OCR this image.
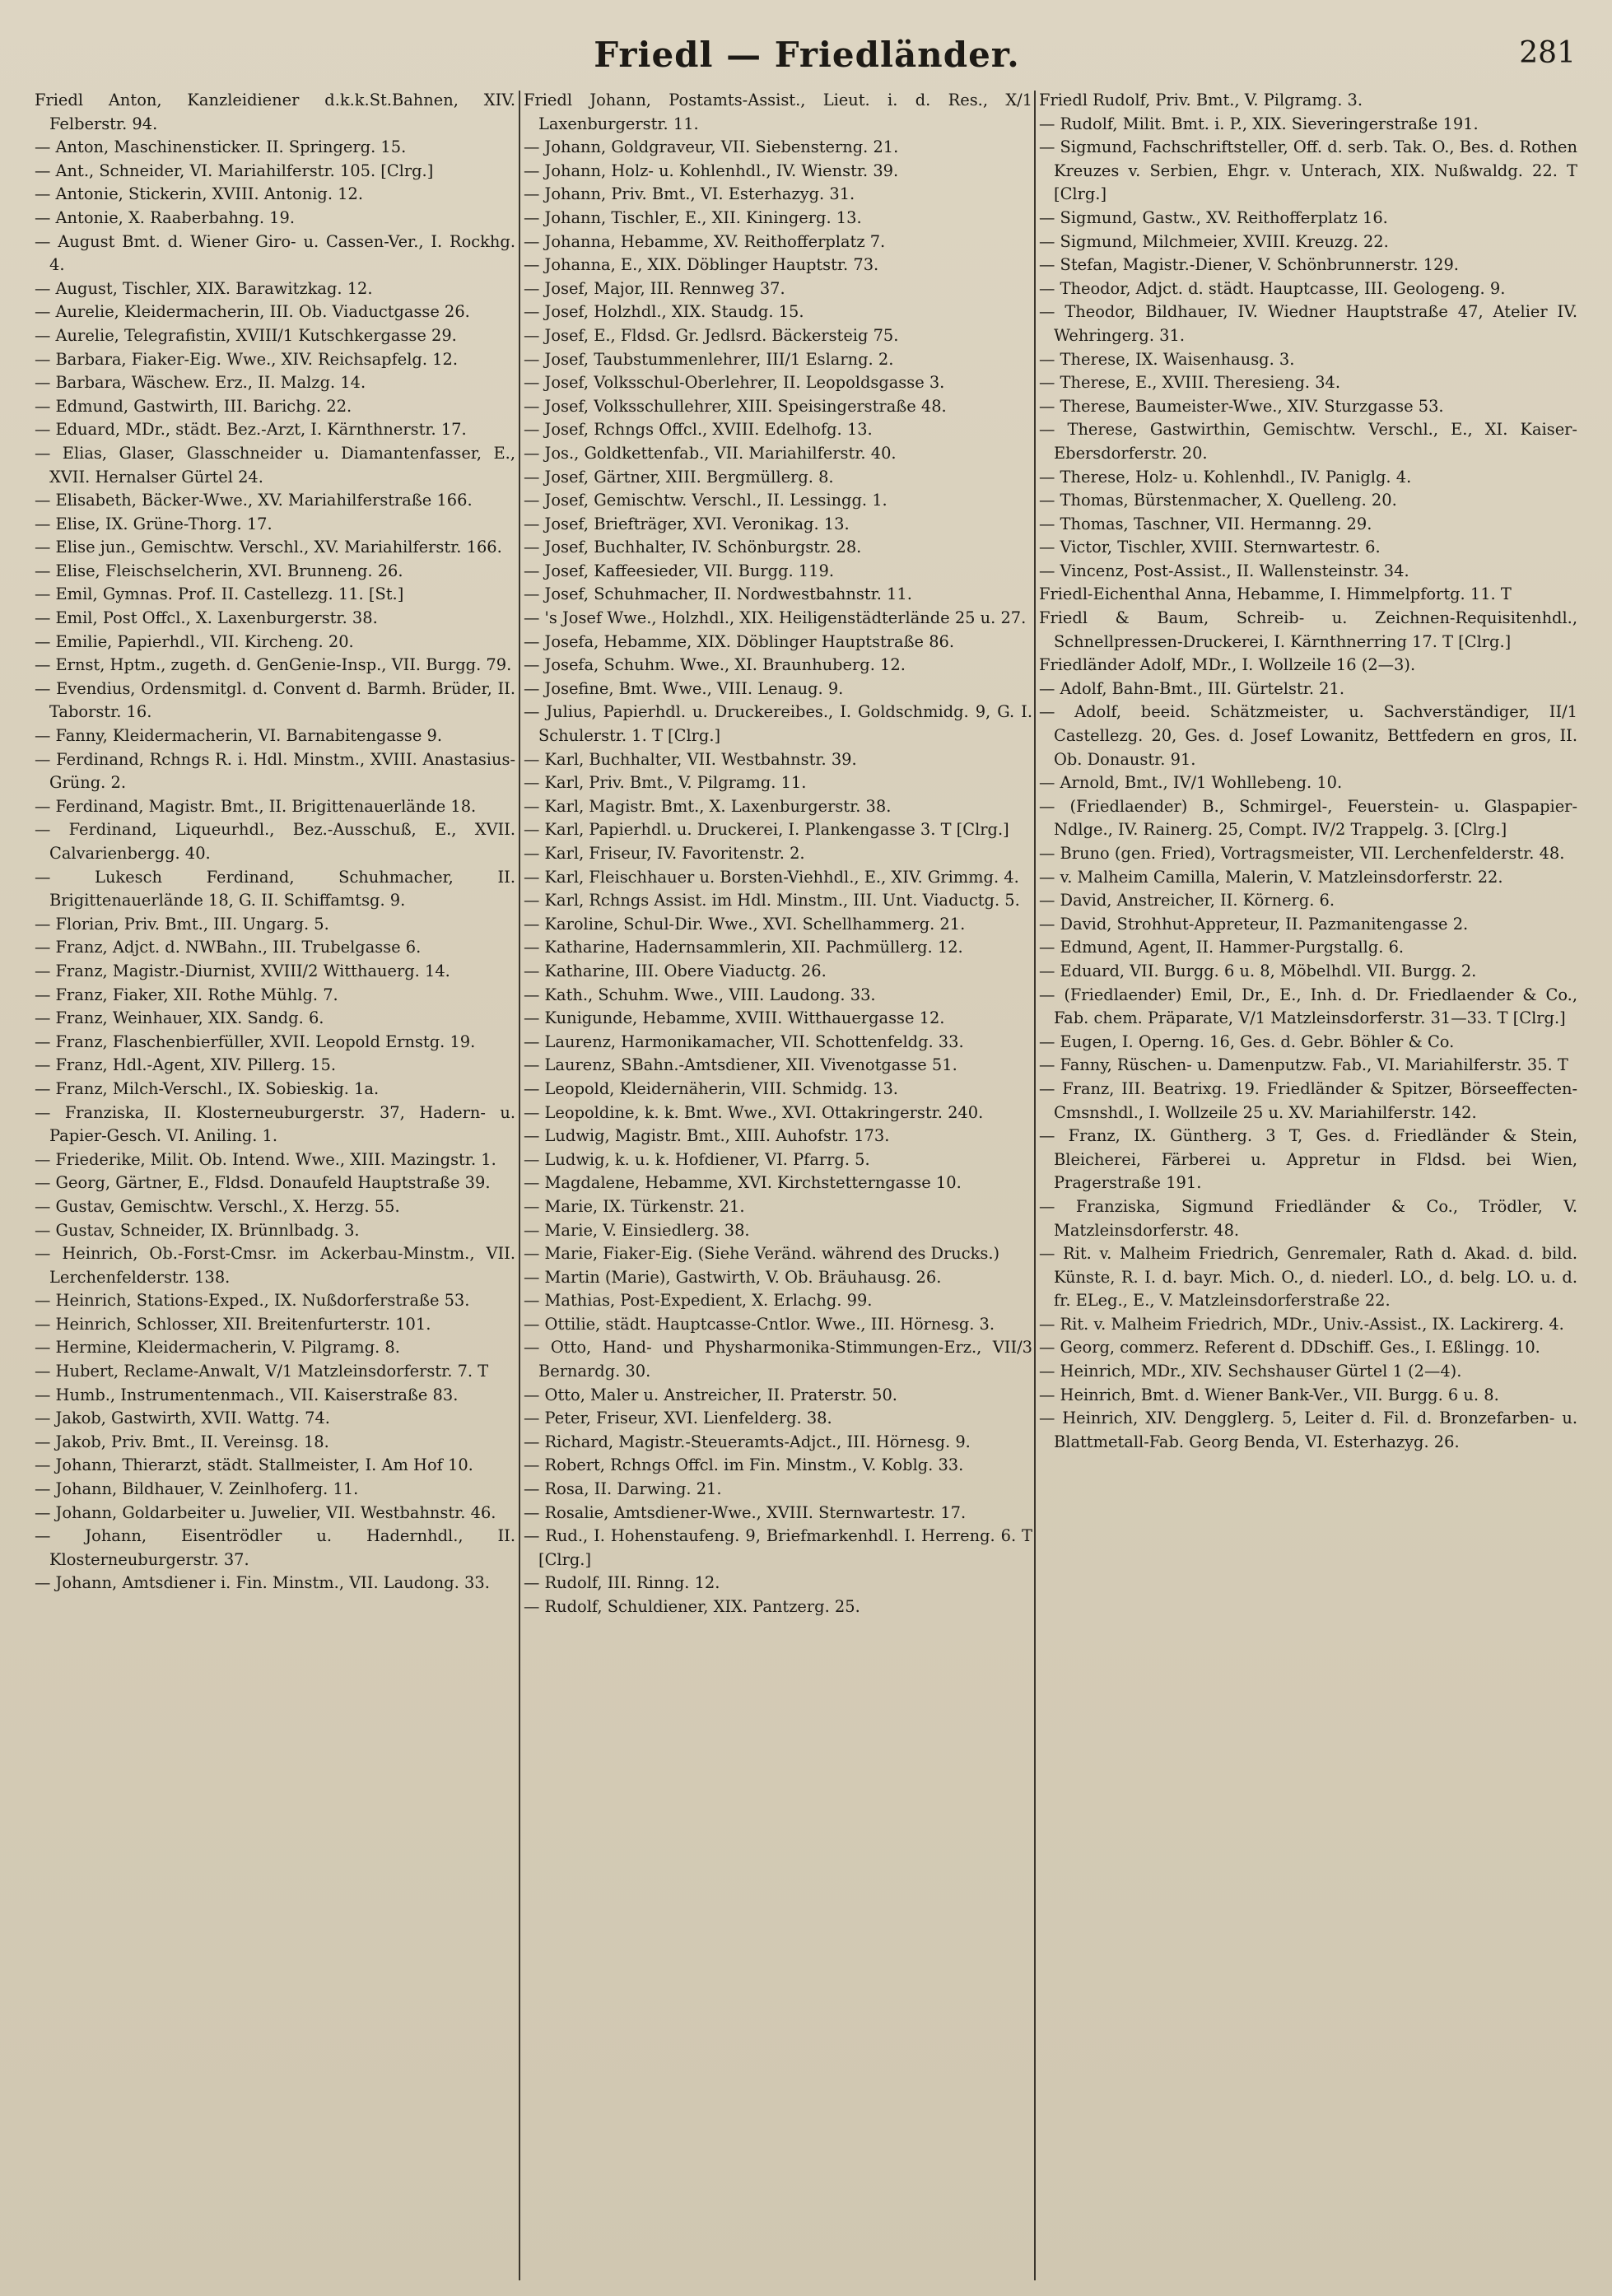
Friedl — Friedländer.	281
Friedl Anton, Kanzleidiener d.k.k.St.Bahnen, XIV. Felberstr. 94.
— Anton, Maschinensticker. II. Springerg. 15.
— Ant., Schneider, VI. Mariahilferstr. 105. [Clrg.]
— Antonie, Stickerin, XVIII. Antonig. 12.
— Antonie, X. Raaberbahng. 19.
— August Bmt. d. Wiener Giro- u. Cassen-Ver., I. Rockhg. 4.
— August, Tischler, XIX. Barawitzkag. 12.
— Aurelie, Kleidermacherin, III. Ob. Viaductgasse 26.
— Aurelie, Telegrafistin, XVIII/1 Kutschkergasse 29.
— Barbara, Fiaker-Eig. Wwe., XIV. Reichsapfelg. 12.
— Barbara, Wäschew. Erz., II. Malzg. 14.
— Edmund, Gastwirth, III. Barichg. 22.
— Eduard, MDr., städt. Bez.-Arzt, I. Kärnthnerstr. 17.
— Elias, Glaser, Glasschneider u. Diamantenfasser, E., XVII. Hernalser Gürtel 24.
— Elisabeth, Bäcker-Wwe., XV. Mariahilferstraße 166.
— Elise, IX. Grüne-Thorg. 17.
— Elise jun., Gemischtw. Verschl., XV. Mariahilferstr. 166.
— Elise, Fleischselcherin, XVI. Brunneng. 26.
— Emil, Gymnas. Prof. II. Castellezg. 11. [St.]
— Emil, Post Offcl., X. Laxenburgerstr. 38.
— Emilie, Papierhdl., VII. Kircheng. 20.
— Ernst, Hptm., zugeth. d. GenGenie-Insp., VII. Burgg. 79.
— Evendius, Ordensmitgl. d. Convent d. Barmh. Brüder, II. Taborstr. 16.
— Fanny, Kleidermacherin, VI. Barnabitengasse 9.
— Ferdinand, Rchngs R. i. Hdl. Minstm., XVIII. Anastasius-Grüng. 2.
— Ferdinand, Magistr. Bmt., II. Brigittenauerlände 18.
— Ferdinand, Liqueurhdl., Bez.-Ausschuß, E., XVII. Calvarienbergg. 40.
— Lukesch Ferdinand, Schuhmacher, II. Brigittenauerlände 18, G. II. Schiffamtsg. 9.
— Florian, Priv. Bmt., III. Ungarg. 5.
— Franz, Adjct. d. NWBahn., III. Trubelgasse 6.
— Franz, Magistr.-Diurnist, XVIII/2 Witthauerg. 14.
— Franz, Fiaker, XII. Rothe Mühlg. 7.
— Franz, Weinhauer, XIX. Sandg. 6.
— Franz, Flaschenbierfüller, XVII. Leopold Ernstg. 19.
— Franz, Hdl.-Agent, XIV. Pillerg. 15.
— Franz, Milch-Verschl., IX. Sobieskig. 1a.
— Franziska, II. Klosterneuburgerstr. 37, Hadern- u. Papier-Gesch. VI. Aniling. 1.
— Friederike, Milit. Ob. Intend. Wwe., XIII. Mazingstr. 1.
— Georg, Gärtner, E., Fldsd. Donaufeld Hauptstraße 39.
— Gustav, Gemischtw. Verschl., X. Herzg. 55.
— Gustav, Schneider, IX. Brünnlbadg. 3.
— Heinrich, Ob.-Forst-Cmsr. im Ackerbau-Minstm., VII. Lerchenfelderstr. 138.
— Heinrich, Stations-Exped., IX. Nußdorferstraße 53.
— Heinrich, Schlosser, XII. Breitenfurterstr. 101.
— Hermine, Kleidermacherin, V. Pilgramg. 8.
— Hubert, Reclame-Anwalt, V/1 Matzleinsdorferstr. 7. T
— Humb., Instrumentenmach., VII. Kaiserstraße 83.
— Jakob, Gastwirth, XVII. Wattg. 74.
— Jakob, Priv. Bmt., II. Vereinsg. 18.
— Johann, Thierarzt, städt. Stallmeister, I. Am Hof 10.
— Johann, Bildhauer, V. Zeinlhoferg. 11.
— Johann, Goldarbeiter u. Juwelier, VII. Westbahnstr. 46.
— Johann, Eisentrödler u. Hadernhdl., II. Klosterneuburgerstr. 37.
— Johann, Amtsdiener i. Fin. Minstm., VII. Laudong. 33.
Friedl Johann, Postamts-Assist., Lieut. i. d. Res., X/1 Laxenburgerstr. 11.
— Johann, Goldgraveur, VII. Siebensterng. 21.
— Johann, Holz- u. Kohlenhdl., IV. Wienstr. 39.
— Johann, Priv. Bmt., VI. Esterhazyg. 31.
— Johann, Tischler, E., XII. Kiningerg. 13.
— Johanna, Hebamme, XV. Reithofferplatz 7.
— Johanna, E., XIX. Döblinger Hauptstr. 73.
— Josef, Major, III. Rennweg 37.
— Josef, Holzhdl., XIX. Staudg. 15.
— Josef, E., Fldsd. Gr. Jedlsrd. Bäckersteig 75.
— Josef, Taubstummenlehrer, III/1 Eslarng. 2.
— Josef, Volksschul-Oberlehrer, II. Leopoldsgasse 3.
— Josef, Volksschullehrer, XIII. Speisingerstraße 48.
— Josef, Rchngs Offcl., XVIII. Edelhofg. 13.
— Jos., Goldkettenfab., VII. Mariahilferstr. 40.
— Josef, Gärtner, XIII. Bergmüllerg. 8.
— Josef, Gemischtw. Verschl., II. Lessingg. 1.
— Josef, Briefträger, XVI. Veronikag. 13.
— Josef, Buchhalter, IV. Schönburgstr. 28.
— Josef, Kaffeesieder, VII. Burgg. 119.
— Josef, Schuhmacher, II. Nordwestbahnstr. 11.
— 's Josef Wwe., Holzhdl., XIX. Heiligenstädterlände 25 u. 27.
— Josefa, Hebamme, XIX. Döblinger Hauptstraße 86.
— Josefa, Schuhm. Wwe., XI. Braunhuberg. 12.
— Josefine, Bmt. Wwe., VIII. Lenaug. 9.
— Julius, Papierhdl. u. Druckereibes., I. Goldschmidg. 9, G. I. Schulerstr. 1. T [Clrg.]
— Karl, Buchhalter, VII. Westbahnstr. 39.
— Karl, Priv. Bmt., V. Pilgramg. 11.
— Karl, Magistr. Bmt., X. Laxenburgerstr. 38.
— Karl, Papierhdl. u. Druckerei, I. Plankengasse 3. T [Clrg.]
— Karl, Friseur, IV. Favoritenstr. 2.
— Karl, Fleischhauer u. Borsten-Viehhdl., E., XIV. Grimmg. 4.
— Karl, Rchngs Assist. im Hdl. Minstm., III. Unt. Viaductg. 5.
— Karoline, Schul-Dir. Wwe., XVI. Schellhammerg. 21.
— Katharine, Hadernsammlerin, XII. Pachmüllerg. 12.
— Katharine, III. Obere Viaductg. 26.
— Kath., Schuhm. Wwe., VIII. Laudong. 33.
— Kunigunde, Hebamme, XVIII. Witthauergasse 12.
— Laurenz, Harmonikamacher, VII. Schottenfeldg. 33.
— Laurenz, SBahn.-Amtsdiener, XII. Vivenotgasse 51.
— Leopold, Kleidernäherin, VIII. Schmidg. 13.
— Leopoldine, k. k. Bmt. Wwe., XVI. Ottakringerstr. 240.
— Ludwig, Magistr. Bmt., XIII. Auhofstr. 173.
— Ludwig, k. u. k. Hofdiener, VI. Pfarrg. 5.
— Magdalene, Hebamme, XVI. Kirchstetterngasse 10.
— Marie, IX. Türkenstr. 21.
— Marie, V. Einsiedlerg. 38.
— Marie, Fiaker-Eig. (Siehe Veränd. während des Drucks.)
— Martin (Marie), Gastwirth, V. Ob. Bräuhausg. 26.
— Mathias, Post-Expedient, X. Erlachg. 99.
— Ottilie, städt. Hauptcasse-Cntlor. Wwe., III. Hörnesg. 3.
— Otto, Hand- und Physharmonika-Stimmungen-Erz., VII/3 Bernardg. 30.
— Otto, Maler u. Anstreicher, II. Praterstr. 50.
— Peter, Friseur, XVI. Lienfelderg. 38.
— Richard, Magistr.-Steueramts-Adjct., III. Hörnesg. 9.
— Robert, Rchngs Offcl. im Fin. Minstm., V. Koblg. 33.
— Rosa, II. Darwing. 21.
— Rosalie, Amtsdiener-Wwe., XVIII. Sternwartestr. 17.
— Rud., I. Hohenstaufeng. 9, Briefmarkenhdl. I. Herreng. 6. T [Clrg.]
— Rudolf, III. Rinng. 12.
— Rudolf, Schuldiener, XIX. Pantzerg. 25.
Friedl Rudolf, Priv. Bmt., V. Pilgramg. 3.
— Rudolf, Milit. Bmt. i. P., XIX. Sieveringerstraße 191.
— Sigmund, Fachschriftsteller, Off. d. serb. Tak. O., Bes. d. Rothen Kreuzes v. Serbien, Ehgr. v. Unterach, XIX. Nußwaldg. 22. T [Clrg.]
— Sigmund, Gastw., XV. Reithofferplatz 16.
— Sigmund, Milchmeier, XVIII. Kreuzg. 22.
— Stefan, Magistr.-Diener, V. Schönbrunnerstr. 129.
— Theodor, Adjct. d. städt. Hauptcasse, III. Geologeng. 9.
— Theodor, Bildhauer, IV. Wiedner Hauptstraße 47, Atelier IV. Wehringerg. 31.
— Therese, IX. Waisenhausg. 3.
— Therese, E., XVIII. Theresieng. 34.
— Therese, Baumeister-Wwe., XIV. Sturzgasse 53.
— Therese, Gastwirthin, Gemischtw. Verschl., E., XI. Kaiser-Ebersdorferstr. 20.
— Therese, Holz- u. Kohlenhdl., IV. Paniglg. 4.
— Thomas, Bürstenmacher, X. Quelleng. 20.
— Thomas, Taschner, VII. Hermanng. 29.
— Victor, Tischler, XVIII. Sternwartestr. 6.
— Vincenz, Post-Assist., II. Wallensteinstr. 34.
Friedl-Eichenthal Anna, Hebamme, I. Himmelpfortg. 11. T
Friedl & Baum, Schreib- u. Zeichnen-Requisitenhdl., Schnellpressen-Druckerei, I. Kärnthnerring 17. T [Clrg.]
Friedländer Adolf, MDr., I. Wollzeile 16 (2—3).
— Adolf, Bahn-Bmt., III. Gürtelstr. 21.
— Adolf, beeid. Schätzmeister, u. Sachverständiger, II/1 Castellezg. 20, Ges. d. Josef Lowanitz, Bettfedern en gros, II. Ob. Donaustr. 91.
— Arnold, Bmt., IV/1 Wohllebeng. 10.
— (Friedlaender) B., Schmirgel-, Feuerstein- u. Glaspapier-Ndlge., IV. Rainerg. 25, Compt. IV/2 Trappelg. 3. [Clrg.]
— Bruno (gen. Fried), Vortragsmeister, VII. Lerchenfelderstr. 48.
— v. Malheim Camilla, Malerin, V. Matzleinsdorferstr. 22.
— David, Anstreicher, II. Körnerg. 6.
— David, Strohhut-Appreteur, II. Pazmanitengasse 2.
— Edmund, Agent, II. Hammer-Purgstallg. 6.
— Eduard, VII. Burgg. 6 u. 8, Möbelhdl. VII. Burgg. 2.
— (Friedlaender) Emil, Dr., E., Inh. d. Dr. Friedlaender & Co., Fab. chem. Präparate, V/1 Matzleinsdorferstr. 31—33. T [Clrg.]
— Eugen, I. Operng. 16, Ges. d. Gebr. Böhler & Co.
— Fanny, Rüschen- u. Damenputzw. Fab., VI. Mariahilferstr. 35. T
— Franz, III. Beatrixg. 19. Friedländer & Spitzer, Börseeffecten-Cmsnshdl., I. Wollzeile 25 u. XV. Mariahilferstr. 142.
— Franz, IX. Güntherg. 3 T, Ges. d. Friedländer & Stein, Bleicherei, Färberei u. Appretur in Fldsd. bei Wien, Pragerstraße 191.
— Franziska, Sigmund Friedländer & Co., Trödler, V. Matzleinsdorferstr. 48.
— Rit. v. Malheim Friedrich, Genremaler, Rath d. Akad. d. bild. Künste, R. I. d. bayr. Mich. O., d. niederl. LO., d. belg. LO. u. d. fr. ELeg., E., V. Matzleinsdorferstraße 22.
— Rit. v. Malheim Friedrich, MDr., Univ.-Assist., IX. Lackirerg. 4.
— Georg, commerz. Referent d. DDschiff. Ges., I. Eßlingg. 10.
— Heinrich, MDr., XIV. Sechshauser Gürtel 1 (2—4).
— Heinrich, Bmt. d. Wiener Bank-Ver., VII. Burgg. 6 u. 8.
— Heinrich, XIV. Dengglerg. 5, Leiter d. Fil. d. Bronzefarben- u. Blattmetall-Fab. Georg Benda, VI. Esterhazyg. 26.
